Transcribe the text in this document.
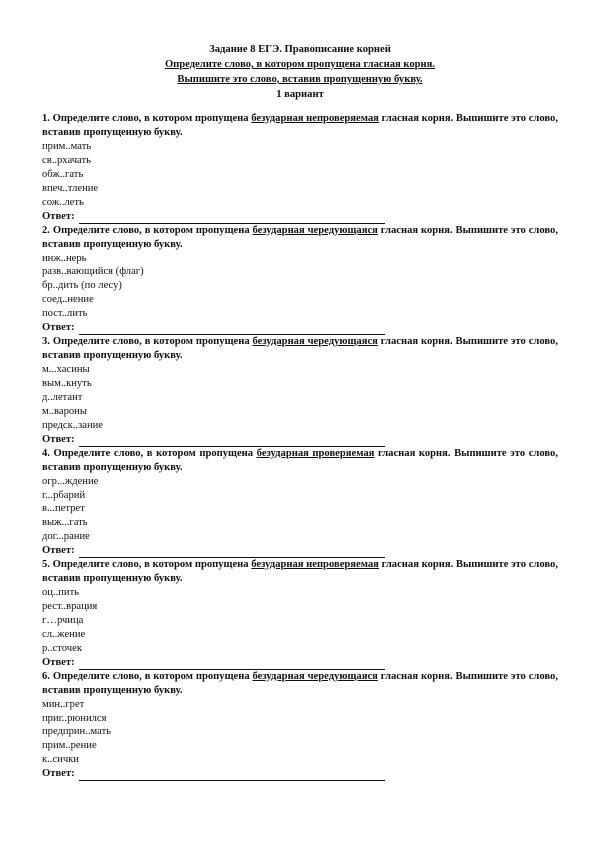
Задание 8 ЕГЭ. Правописание корней
Определите слово, в котором пропущена гласная корня.
Выпишите это слово, вставив пропущенную букву.
1 вариант
1. Определите слово, в котором пропущена безударная непроверяемая гласная корня. Выпишите это слово, вставив пропущенную букву.
прим..мать
св..рхачать
обж..гать
впеч..тление
сож..леть
Ответ:
2. Определите слово, в котором пропущена безударная чередующаяся гласная корня. Выпишите это слово, вставив пропущенную букву.
инж..нерь
разв..вающийся (флаг)
бр..дить (по лесу)
соед..нение
пост..лить
Ответ:
3. Определите слово, в котором пропущена безударная чередующаяся гласная корня. Выпишите это слово, вставив пропущенную букву.
м...хасины
вым..кнуть
д..летант
м..вароны
предск..зание
Ответ:
4. Определите слово, в котором пропущена безударная проверяемая гласная корня. Выпишите это слово, вставив пропущенную букву.
огр...ждение
г...рбарий
в...петрет
выж...гать
дог...рание
Ответ:
5. Определите слово, в котором пропущена безударная непроверяемая гласная корня. Выпишите это слово, вставив пропущенную букву.
оц..пить
рест..врация
г…рчица
сл..жение
р..сточек
Ответ:
6. Определите слово, в котором пропущена безударная чередующаяся гласная корня. Выпишите это слово, вставив пропущенную букву.
мин..грет
приг..рюнился
предприн..мать
прим..рение
к..сички
Ответ:
